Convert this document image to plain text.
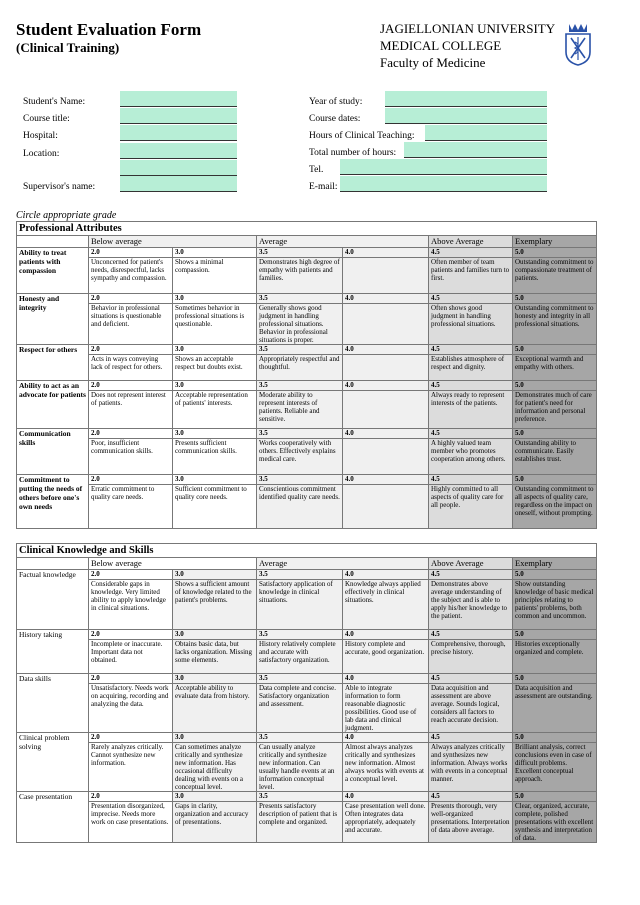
Student Evaluation Form
(Clinical Training)
JAGIELLONIAN UNIVERSITY
MEDICAL COLLEGE
Faculty of Medicine
Student's Name:
Course title:
Hospital:
Location:
Supervisor's name:
Year of study:
Course dates:
Hours of Clinical Teaching:
Total number of hours:
Tel.
E-mail:
Circle appropriate grade
Professional Attributes						
	Below average		Average		Above Average	Exemplary
Ability to treat patients with compassion	2.0	3.0	3.5	4.0	4.5	5.0
	Unconcerned for patient's needs, disrespectful, lacks sympathy and compassion.	Shows a minimal compassion.	Demonstrates high degree of empathy with patients and families.		Often member of team patients and families turn to first.	Outstanding commitment to compassionate treatment of patients.
Honesty and integrity	2.0	3.0	3.5	4.0	4.5	5.0
	Behavior in professional situations is questionable and deficient.	Sometimes behavior in professional situations is questionable.	Generally shows good judgment in handling professional situations. Behavior in professional situations is proper.		Often shows good judgment in handling professional situations.	Outstanding commitment to honesty and integrity in all professional situations.
Respect for others	2.0	3.0	3.5	4.0	4.5	5.0
	Acts in ways conveying lack of respect for others.	Shows an acceptable respect but doubts exist.	Appropriately respectful and thoughtful.		Establishes atmosphere of respect and dignity.	Exceptional warmth and empathy with others.
Ability to act as an advocate for patients	2.0	3.0	3.5	4.0	4.5	5.0
	Does not represent interest of patients.	Acceptable representation of patients' interests.	Moderate ability to represent interests of patients. Reliable and sensitive.		Always ready to represent interests of the patients.	Demonstrates much of care for patient's need for information and personal preference.
Communication skills	2.0	3.0	3.5	4.0	4.5	5.0
	Poor, insufficient communication skills.	Presents sufficient communication skills.	Works cooperatively with others. Effectively explains medical care.		A highly valued team member who promotes cooperation among others.	Outstanding ability to communicate. Easily establishes trust.
Commitment to putting the needs of others before one's own needs	2.0	3.0	3.5	4.0	4.5	5.0
	Erratic commitment to quality care needs.	Sufficient commitment to quality core needs.	Conscientious commitment identified quality care needs.		Highly committed to all aspects of quality care for all people.	Outstanding commitment to all aspects of quality care, regardless on the impact on oneself, without prompting.
Clinical Knowledge and Skills						
	Below average		Average		Above Average	Exemplary
Factual knowledge	2.0	3.0	3.5	4.0	4.5	5.0
	Considerable gaps in knowledge. Very limited ability to apply knowledge in clinical situations.	Shows a sufficient amount of knowledge related to the patient's problems.	Satisfactory application of knowledge in clinical situations.	Knowledge always applied effectively in clinical situations.	Demonstrates above average understanding of the subject and is able to apply his/her knowledge to the patient.	Show outstanding knowledge of basic medical principles relating to patients' problems, both common and uncommon.
History taking	2.0	3.0	3.5	4.0	4.5	5.0
	Incomplete or inaccurate. Important data not obtained.	Obtains basic data, but lacks organization. Missing some elements.	History relatively complete and accurate with satisfactory organization.	History complete and accurate, good organization.	Comprehensive, thorough, precise history.	Histories exceptionally organized and complete.
Data skills	2.0	3.0	3.5	4.0	4.5	5.0
	Unsatisfactory. Needs work on acquiring, recording and analyzing the data.	Acceptable ability to evaluate data from history.	Data complete and concise. Satisfactory organization and assessment.	Able to integrate information to form reasonable diagnostic possibilities. Good use of lab data and clinical judgment.	Data acquisition and assessment are above average. Sounds logical, considers all factors to reach accurate decision.	Data acquisition and assessment are outstanding.
Clinical problem solving	2.0	3.0	3.5	4.0	4.5	5.0
	Rarely analyzes critically. Cannot synthesize new information.	Can sometimes analyze critically and synthesize new information. Has occasional difficulty dealing with events on a conceptual level.	Can usually analyze critically and synthesize new information. Can usually handle events at an information conceptual level.	Almost always analyzes critically and synthesizes new information. Almost always works with events at a conceptual level.	Always analyzes critically and synthesizes new information. Always works with events in a conceptual manner.	Brilliant analysis, correct conclusions even in case of difficult problems. Excellent conceptual approach.
Case presentation	2.0	3.0	3.5	4.0	4.5	5.0
	Presentation disorganized, imprecise. Needs more work on case presentations.	Gaps in clarity, organization and accuracy of presentations.	Presents satisfactory description of patient that is complete and organized.	Case presentation well done. Often integrates data appropriately, adequately and accurate.	Presents thorough, very well-organized presentations. Interpretation of data above average.	Clear, organized, accurate, complete, polished presentations with excellent synthesis and interpretation of data.
